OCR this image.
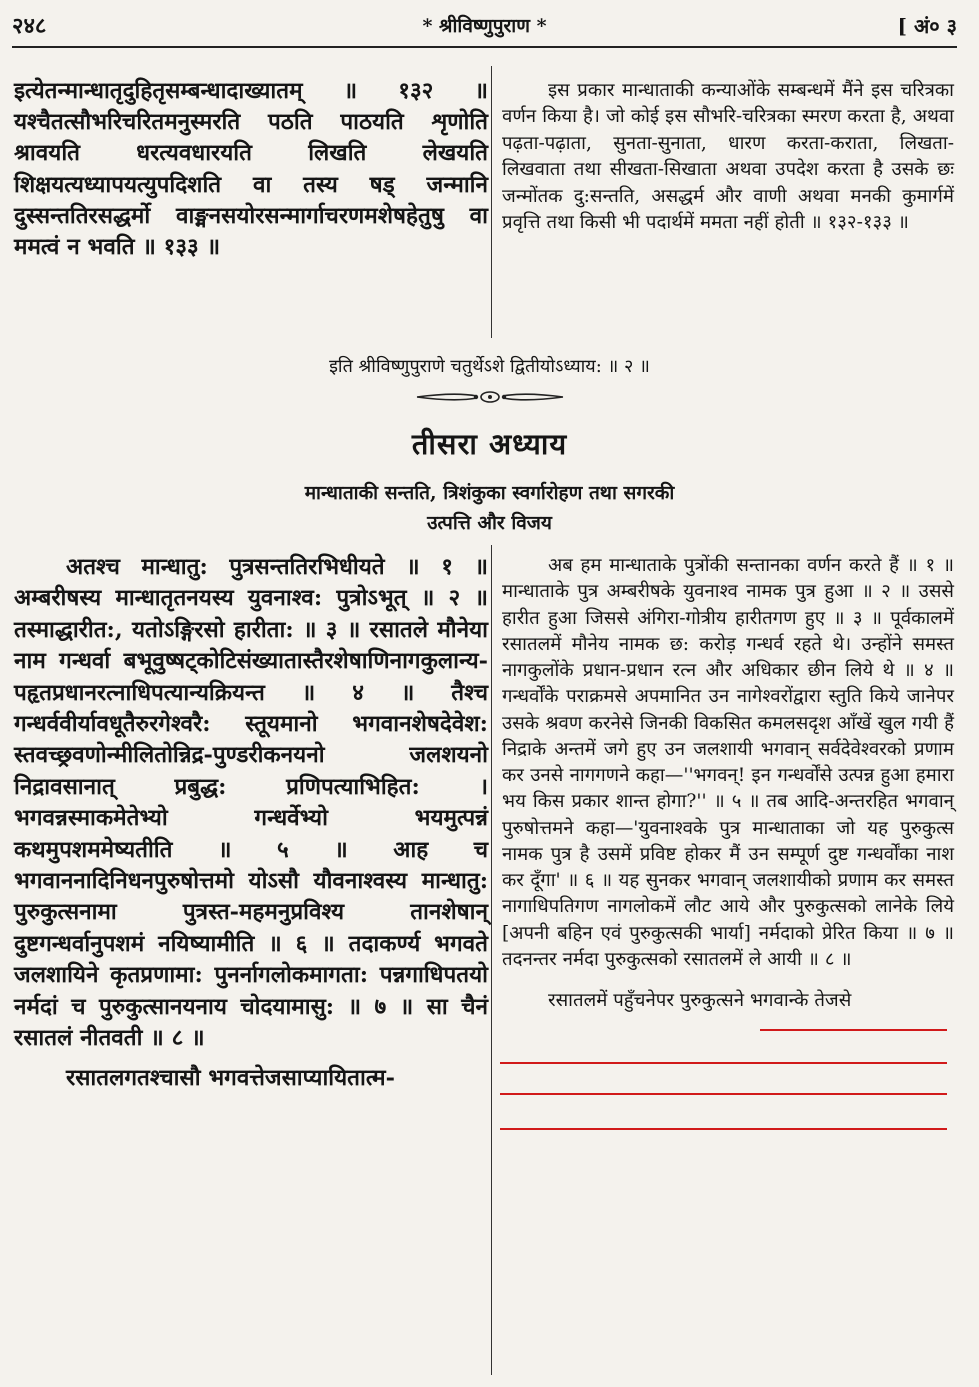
२४८	* श्रीविष्णुपुराण *	[ अं० ३

इत्येतन्मान्धातृदुहितृसम्बन्धादाख्यातम् ॥ १३२ ॥ यश्चैतत्सौभरिचरितमनुस्मरति पठति पाठयति शृणोति श्रावयति धरत्यवधारयति लिखति लेखयति शिक्षयत्यध्यापयत्युपदिशति वा तस्य षड् जन्मानि दुस्सन्ततिरसद्धर्मो वाङ्मनसयोरसन्मार्गाचरणमशेषहेतुषु वा ममत्वं न भवति ॥ १३३ ॥

इस प्रकार मान्धाताकी कन्याओंके सम्बन्धमें मैंने इस चरित्रका वर्णन किया है। जो कोई इस सौभरि-चरित्रका स्मरण करता है, अथवा पढ़ता-पढ़ाता, सुनता-सुनाता, धारण करता-कराता, लिखता-लिखवाता तथा सीखता-सिखाता अथवा उपदेश करता है उसके छः जन्मोंतक दु:सन्तति, असद्धर्म और वाणी अथवा मनकी कुमार्गमें प्रवृत्ति तथा किसी भी पदार्थमें ममता नहीं होती ॥ १३२-१३३ ॥

इति श्रीविष्णुपुराणे चतुर्थेऽशे द्वितीयोऽध्याय: ॥ २ ॥
तीसरा अध्याय
मान्धाताकी सन्तति, त्रिशंकुका स्वर्गारोहण तथा सगरकी
उत्पत्ति और विजय

अतश्च मान्धातु: पुत्रसन्ततिरभिधीयते ॥ १ ॥ अम्बरीषस्य मान्धातृतनयस्य युवनाश्व: पुत्रोऽभूत् ॥ २ ॥ तस्माद्धारीत:, यतोऽङ्गिरसो हारीता: ॥ ३ ॥ रसातले मौनेया नाम गन्धर्वा बभूवुष्षट्कोटिसंख्यातास्तैरशेषाणिनागकुलान्य-पहृतप्रधानरत्नाधिपत्यान्यक्रियन्त ॥ ४ ॥ तैश्च गन्धर्ववीर्यावधूतैरुरगेश्वरै: स्तूयमानो भगवानशेषदेवेश: स्तवच्छ्रवणोन्मीलितोन्निद्र-पुण्डरीकनयनो जलशयनो निद्रावसानात् प्रबुद्ध: प्रणिपत्याभिहित: । भगवन्नस्माकमेतेभ्यो गन्धर्वेभ्यो भयमुत्पन्नं कथमुपशममेष्यतीति ॥ ५ ॥ आह च भगवाननादिनिधनपुरुषोत्तमो योऽसौ यौवनाश्वस्य मान्धातु: पुरुकुत्सनामा पुत्रस्त-महमनुप्रविश्य तानशेषान् दुष्टगन्धर्वानुपशमं नयिष्यामीति ॥ ६ ॥ तदाकर्ण्य भगवते जलशायिने कृतप्रणामा: पुनर्नागलोकमागता: पन्नगाधिपतयो नर्मदां च पुरुकुत्सानयनाय चोदयामासु: ॥ ७ ॥ सा चैनं रसातलं नीतवती ॥ ८ ॥

रसातलगतश्चासौ भगवत्तेजसाप्यायितात्म-

अब हम मान्धाताके पुत्रोंकी सन्तानका वर्णन करते हैं ॥ १ ॥ मान्धाताके पुत्र अम्बरीषके युवनाश्व नामक पुत्र हुआ ॥ २ ॥ उससे हारीत हुआ जिससे अंगिरा-गोत्रीय हारीतगण हुए ॥ ३ ॥ पूर्वकालमें रसातलमें मौनेय नामक छ: करोड़ गन्धर्व रहते थे। उन्होंने समस्त नागकुलोंके प्रधान-प्रधान रत्न और अधिकार छीन लिये थे ॥ ४ ॥ गन्धर्वोंके पराक्रमसे अपमानित उन नागेश्वरोंद्वारा स्तुति किये जानेपर उसके श्रवण करनेसे जिनकी विकसित कमलसदृश आँखें खुल गयी हैं निद्राके अन्तमें जगे हुए उन जलशायी भगवान् सर्वदेवेश्वरको प्रणाम कर उनसे नागगणने कहा—''भगवन्! इन गन्धर्वोंसे उत्पन्न हुआ हमारा भय किस प्रकार शान्त होगा?'' ॥ ५ ॥ तब आदि-अन्तरहित भगवान् पुरुषोत्तमने कहा—'युवनाश्वके पुत्र मान्धाताका जो यह पुरुकुत्स नामक पुत्र है उसमें प्रविष्ट होकर मैं उन सम्पूर्ण दुष्ट गन्धर्वोंका नाश कर दूँगा' ॥ ६ ॥ यह सुनकर भगवान् जलशायीको प्रणाम कर समस्त नागाधिपतिगण नागलोकमें लौट आये और पुरुकुत्सको लानेके लिये [अपनी बहिन एवं पुरुकुत्सकी भार्या] नर्मदाको प्रेरित किया ॥ ७ ॥ तदनन्तर नर्मदा पुरुकुत्सको रसातलमें ले आयी ॥ ८ ॥

रसातलमें पहुँचनेपर पुरुकुत्सने भगवान्के तेजसे
